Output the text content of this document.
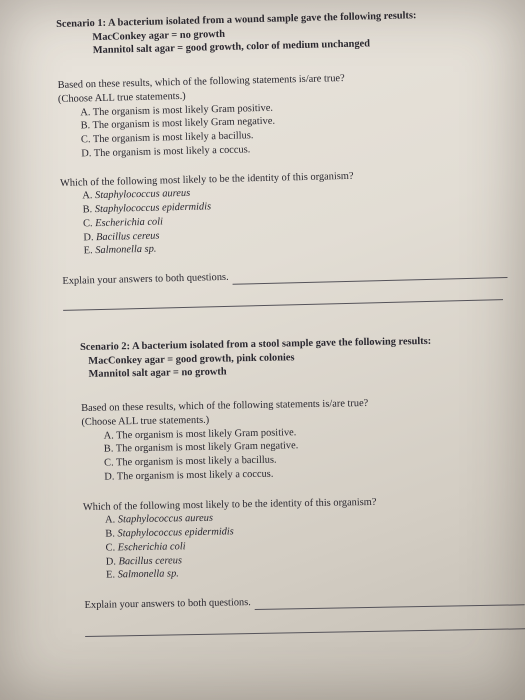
Scenario 1: A bacterium isolated from a wound sample gave the following results:
MacConkey agar = no growth
Mannitol salt agar = good growth, color of medium unchanged
Based on these results, which of the following statements is/are true?
(Choose ALL true statements.)
A. The organism is most likely Gram positive.
B. The organism is most likely Gram negative.
C. The organism is most likely a bacillus.
D. The organism is most likely a coccus.
Which of the following most likely to be the identity of this organism?
A. Staphylococcus aureus
B. Staphylococcus epidermidis
C. Escherichia coli
D. Bacillus cereus
E. Salmonella sp.
Explain your answers to both questions.
Scenario 2: A bacterium isolated from a stool sample gave the following results:
MacConkey agar = good growth, pink colonies
Mannitol salt agar = no growth
Based on these results, which of the following statements is/are true?
(Choose ALL true statements.)
A. The organism is most likely Gram positive.
B. The organism is most likely Gram negative.
C. The organism is most likely a bacillus.
D. The organism is most likely a coccus.
Which of the following most likely to be the identity of this organism?
A. Staphylococcus aureus
B. Staphylococcus epidermidis
C. Escherichia coli
D. Bacillus cereus
E. Salmonella sp.
Explain your answers to both questions.
